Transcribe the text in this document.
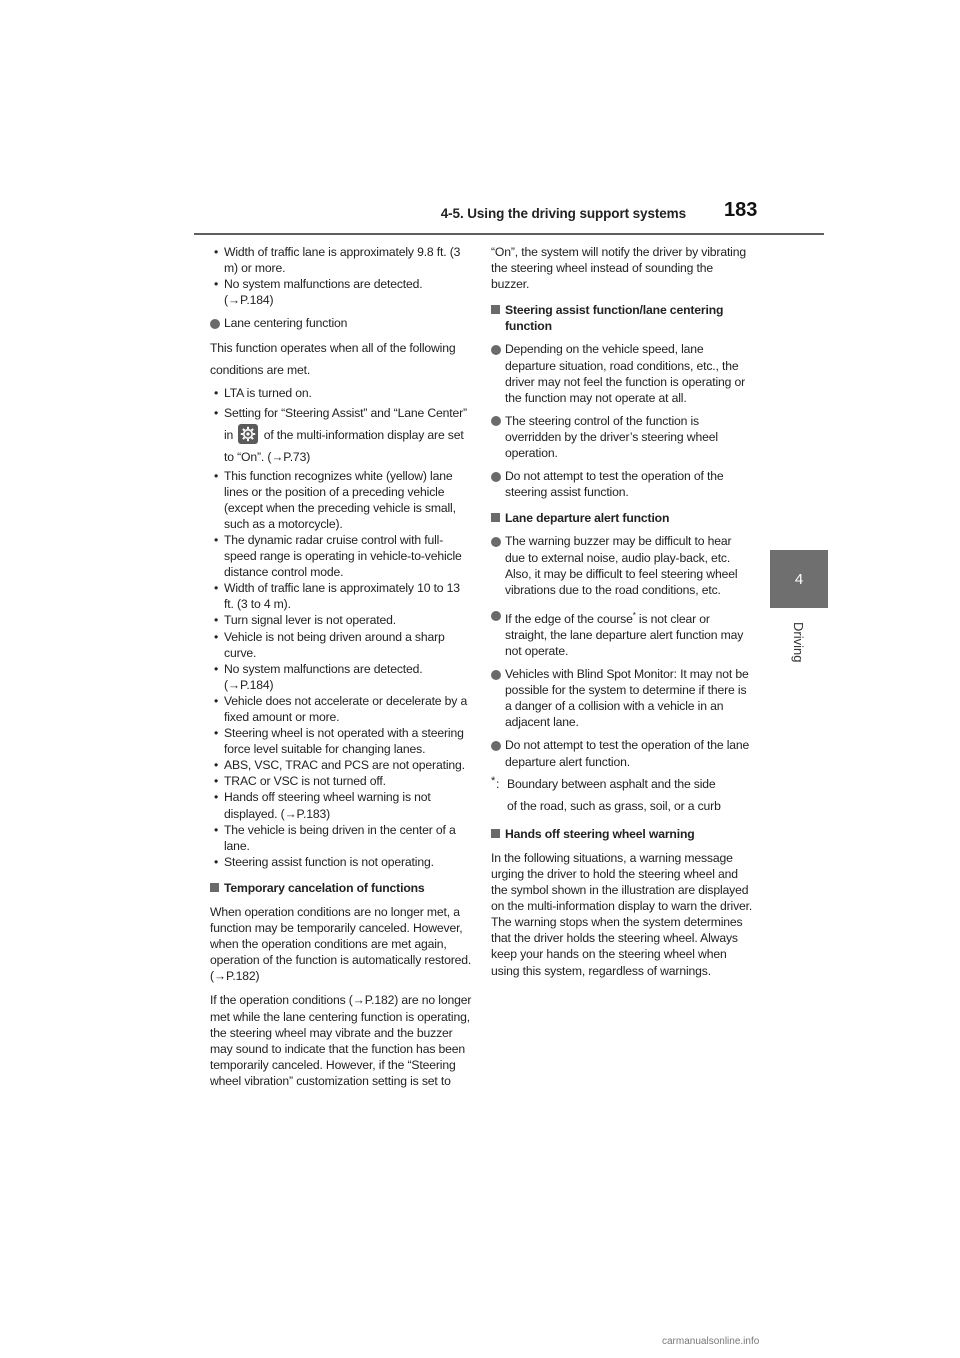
4-5. Using the driving support systems 183
4
Driving

• Width of traffic lane is approximately 9.8 ft. (3 m) or more.

• No system malfunctions are detected. (→P.184)

Lane centering function

This function operates when all of the following conditions are met.

• LTA is turned on.

• Setting for “Steering Assist” and “Lane Center” in	of the multi-information display are set to “On”. (→P.73)

• This function recognizes white (yellow) lane lines or the position of a preceding vehicle (except when the preceding vehicle is small, such as a motorcycle).

• The dynamic radar cruise control with full-speed range is operating in vehicle-to-vehicle distance control mode.

• Width of traffic lane is approximately 10 to 13 ft. (3 to 4 m).

• Turn signal lever is not operated.

• Vehicle is not being driven around a sharp curve.

• No system malfunctions are detected. (→P.184)

• Vehicle does not accelerate or decelerate by a fixed amount or more.

• Steering wheel is not operated with a steering force level suitable for changing lanes.

• ABS, VSC, TRAC and PCS are not operating.

• TRAC or VSC is not turned off.

• Hands off steering wheel warning is not displayed. (→P.183)

• The vehicle is being driven in the center of a lane.

• Steering assist function is not operating.

Temporary cancelation of functions

When operation conditions are no longer met, a function may be temporarily canceled. However, when the operation conditions are met again, operation of the function is automatically restored. (→P.182)

If the operation conditions (→P.182) are no longer met while the lane centering function is operating, the steering wheel may vibrate and the buzzer may sound to indicate that the function has been temporarily canceled. However, if the “Steering wheel vibration” customization setting is set to

“On”, the system will notify the driver by vibrating the steering wheel instead of sounding the buzzer.

Steering assist function/lane centering function

Depending on the vehicle speed, lane departure situation, road conditions, etc., the driver may not feel the function is operating or the function may not operate at all.

The steering control of the function is overridden by the driver’s steering wheel operation.

Do not attempt to test the operation of the steering assist function.

Lane departure alert function

The warning buzzer may be difficult to hear due to external noise, audio play-back, etc. Also, it may be difficult to feel steering wheel vibrations due to the road conditions, etc.

If the edge of the course* is not clear or straight, the lane departure alert function may not operate.

Vehicles with Blind Spot Monitor: It may not be possible for the system to determine if there is a danger of a collision with a vehicle in an adjacent lane.

Do not attempt to test the operation of the lane departure alert function.

* : Boundary between asphalt and the side
of the road, such as grass, soil, or a curb

Hands off steering wheel warning

In the following situations, a warning message urging the driver to hold the steering wheel and the symbol shown in the illustration are displayed on the multi-information display to warn the driver. The warning stops when the system determines that the driver holds the steering wheel. Always keep your hands on the steering wheel when using this system, regardless of warnings.

carmanualsonline.info
